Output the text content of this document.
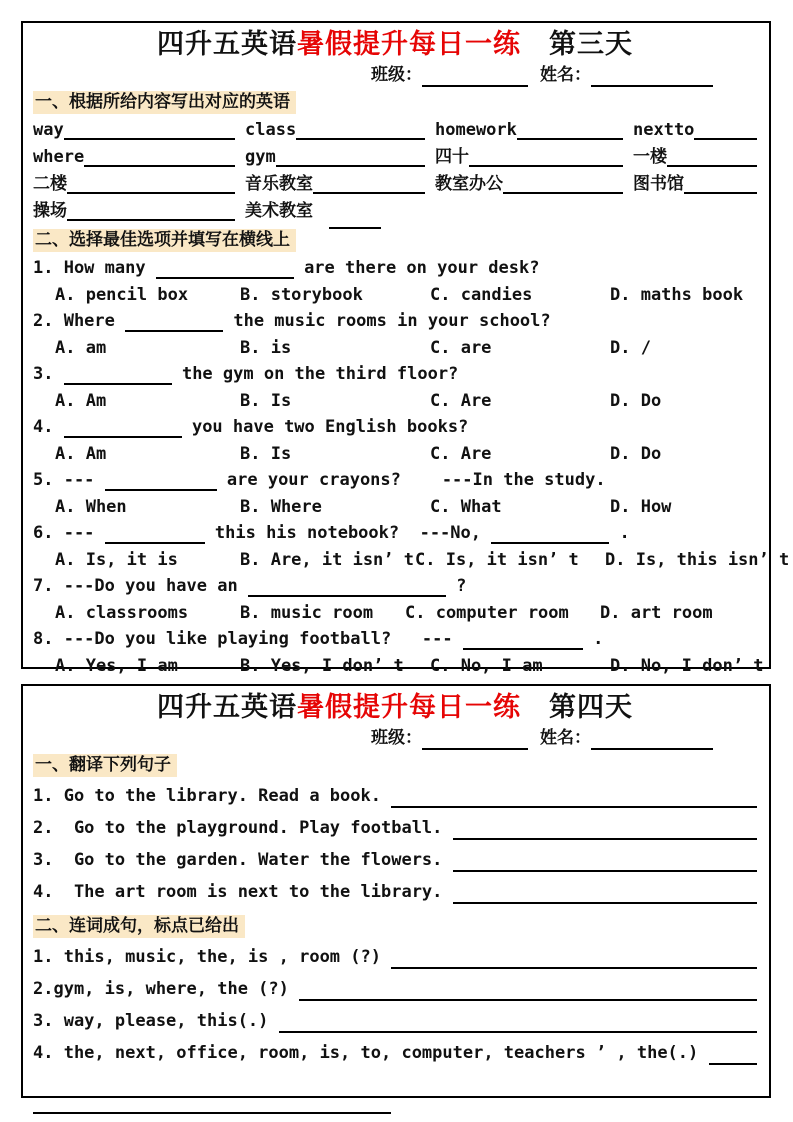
四升五英语暑假提升每日一练 第三天
班级：	姓名：
一、根据所给内容写出对应的英语
way	class	homework	nextto
where	gym	四十	一楼
二楼	音乐教室	教室办公	图书馆
操场	美术教室
二、选择最佳选项并填写在横线上
1. How many	are there on your desk?
A. pencil box	B. storybook	C. candies	D. maths book
2. Where	the music rooms in your school?
A. am	B. is	C. are	D. /
3.	the gym on the third floor?
A. Am	B. Is	C. Are	D. Do
4.	you have two English books?
A. Am	B. Is	C. Are	D. Do
5. ---	are your crayons?    ---In the study.
A. When	B. Where	C. What	D. How
6. ---	this his notebook?  ---No,	.
A. Is, it is	B. Are, it isn’ t C. Is, it isn’ t	D. Is, this isn’ t
7. ---Do you have an	?
A. classrooms	B. music room	C. computer room	D. art room
8. ---Do you like playing football?   ---	.
A. Yes, I am	B. Yes, I don’ t	C. No, I am	D. No, I don’ t
四升五英语暑假提升每日一练 第四天
班级：	姓名：
一、翻译下列句子
1. Go to the library. Read a book.
2.  Go to the playground. Play football.
3.  Go to the garden. Water the flowers.
4.  The art room is next to the library.
二、连词成句，标点已给出
1. this, music, the, is , room (?)
2.gym, is, where, the (?)
3. way, please, this(.)
4. the, next, office, room, is, to, computer, teachers ’ , the(.)
